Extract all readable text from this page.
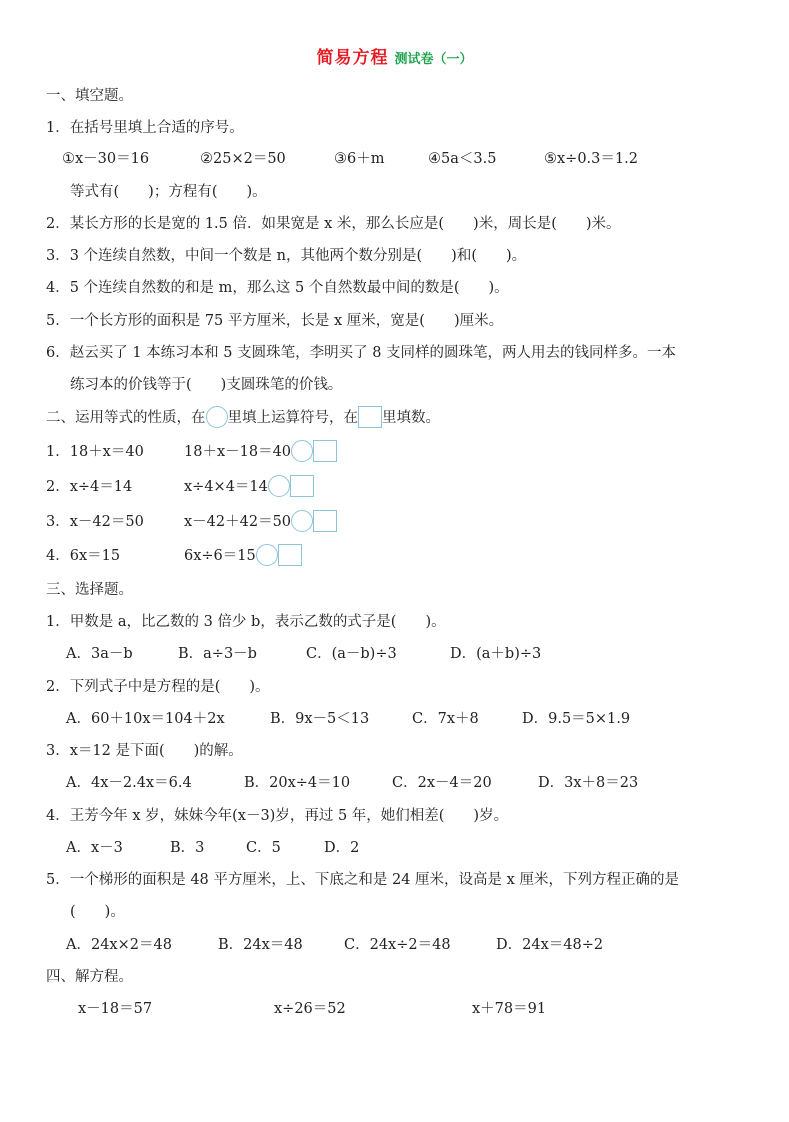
简易方程 测试卷（一）
一、填空题。
1．在括号里填上合适的序号。
①x－30＝16	②25×2＝50	③6＋m	④5a＜3.5	⑤x÷0.3＝1.2
等式有(　　)；方程有(　　)。
2．某长方形的长是宽的 1.5 倍．如果宽是 x 米，那么长应是(　　)米，周长是(　　)米。
3．3 个连续自然数，中间一个数是 n，其他两个数分别是(　　)和(　　)。
4．5 个连续自然数的和是 m，那么这 5 个自然数最中间的数是(　　)。
5．一个长方形的面积是 75 平方厘米，长是 x 厘米，宽是(　　)厘米。
6．赵云买了 1 本练习本和 5 支圆珠笔，李明买了 8 支同样的圆珠笔，两人用去的钱同样多。一本
练习本的价钱等于(　　)支圆珠笔的价钱。
二、运用等式的性质，在 里填上运算符号，在 里填数。
1．18＋x＝40	18＋x－18＝40
2．x÷4＝14	x÷4×4＝14
3．x－42＝50	x－42＋42＝50
4．6x＝15	6x÷6＝15
三、选择题。
1．甲数是 a，比乙数的 3 倍少 b，表示乙数的式子是(　　)。
A．3a－b	B．a÷3－b	C．(a－b)÷3	D．(a＋b)÷3
2．下列式子中是方程的是(　　)。
A．60＋10x＝104＋2x	B．9x－5＜13	C．7x＋8	D．9.5＝5×1.9
3．x＝12 是下面(　　)的解。
A．4x－2.4x＝6.4	B．20x÷4＝10	C．2x－4＝20	D．3x＋8＝23
4．王芳今年 x 岁，妹妹今年(x－3)岁，再过 5 年，她们相差(　　)岁。
A．x－3	B．3	C．5	D．2
5．一个梯形的面积是 48 平方厘米，上、下底之和是 24 厘米，设高是 x 厘米，下列方程正确的是
(　　)。
A．24x×2＝48	B．24x＝48	C．24x÷2＝48	D．24x＝48÷2
四、解方程。
x－18＝57	x÷26＝52	x＋78＝91
